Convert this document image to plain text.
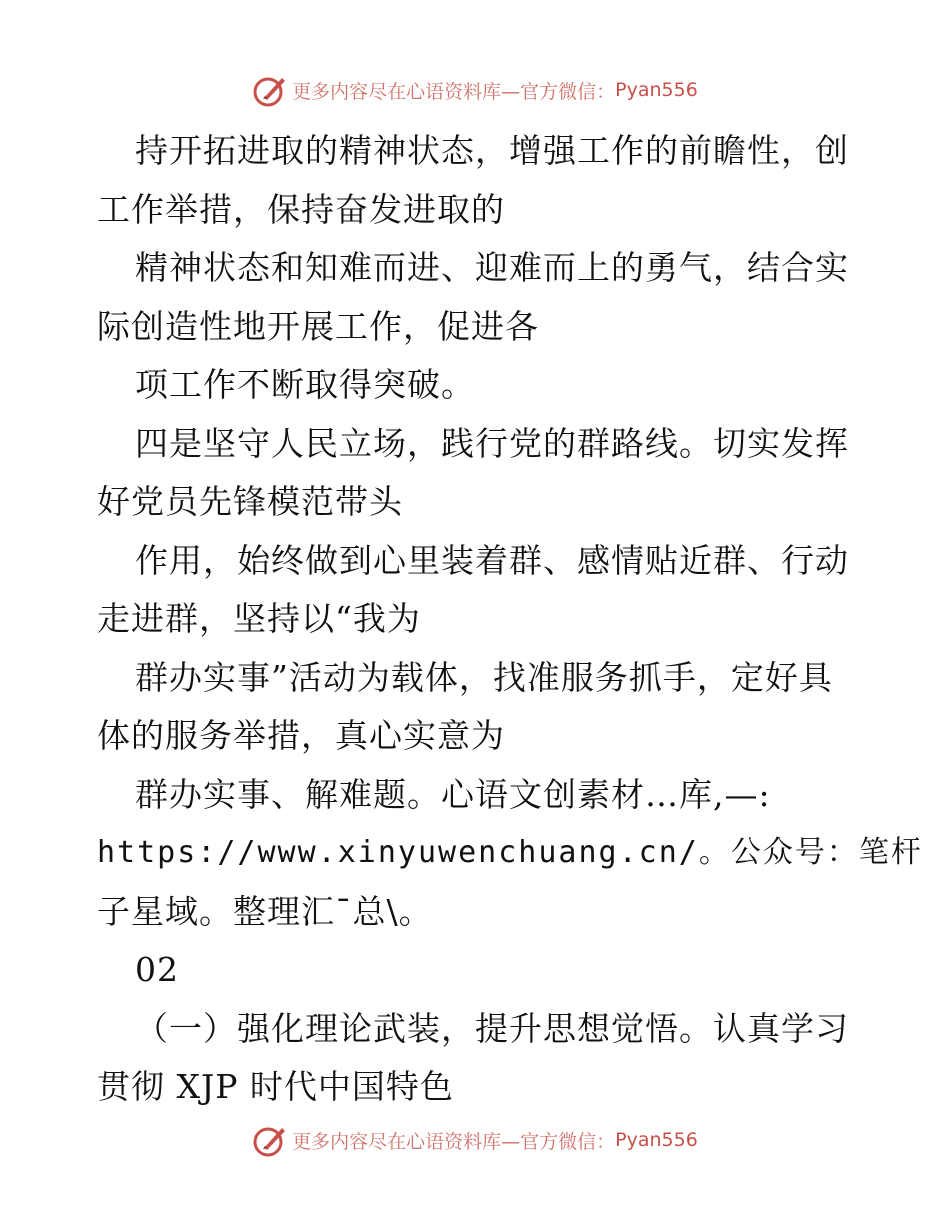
更多内容尽在心语资料库—官方微信： Pyan556
持开拓进取的精神状态，增强工作的前瞻性，创
工作举措，保持奋发进取的
精神状态和知难而进、迎难而上的勇气，结合实
际创造性地开展工作，促进各
项工作不断取得突破。
四是坚守人民立场，践行党的群路线。切实发挥
好党员先锋模范带头
作用，始终做到心里装着群、感情贴近群、行动
走进群，坚持以“我为
群办实事”活动为载体，找准服务抓手，定好具
体的服务举措，真心实意为
群办实事、解难题。心语文创素材…库,—:
https://www.xinyuwenchuang.cn/。公众号：笔杆
子星域。整理汇¯总\。
02
（一）强化理论武装，提升思想觉悟。认真学习
贯彻 XJP 时代中国特色
更多内容尽在心语资料库—官方微信： Pyan556
